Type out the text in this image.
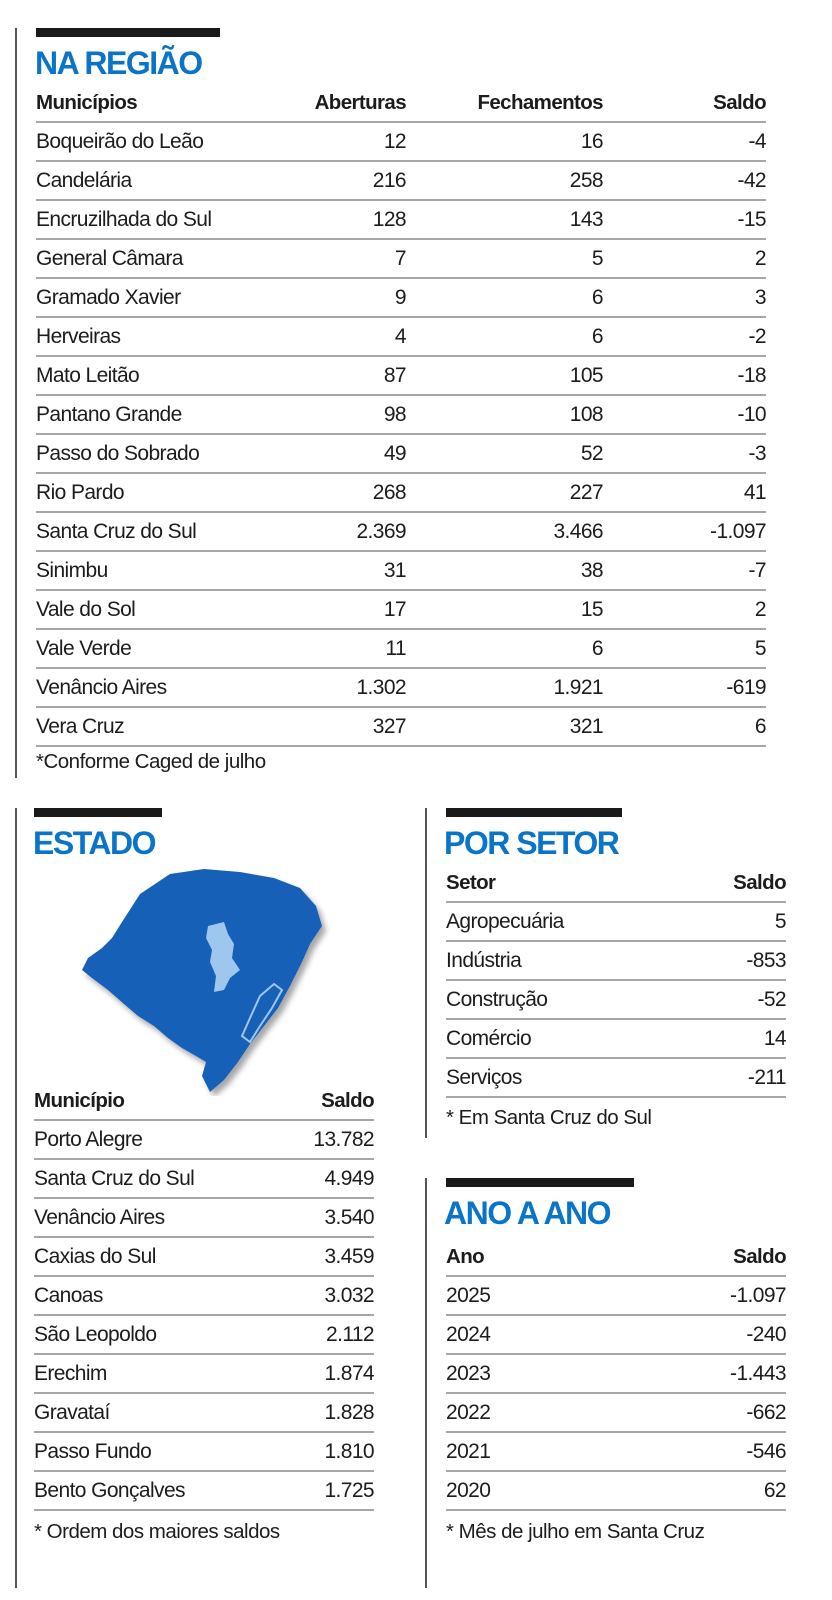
NA REGIÃO
Municípios	Aberturas	Fechamentos	Saldo
Boqueirão do Leão	12	16	-4
Candelária	216	258	-42
Encruzilhada do Sul	128	143	-15
General Câmara	7	5	2
Gramado Xavier	9	6	3
Herveiras	4	6	-2
Mato Leitão	87	105	-18
Pantano Grande	98	108	-10
Passo do Sobrado	49	52	-3
Rio Pardo	268	227	41
Santa Cruz do Sul	2.369	3.466	-1.097
Sinimbu	31	38	-7
Vale do Sol	17	15	2
Vale Verde	11	6	5
Venâncio Aires	1.302	1.921	-619
Vera Cruz	327	321	6
*Conforme Caged de julho
ESTADO
Município	Saldo
Porto Alegre	13.782
Santa Cruz do Sul	4.949
Venâncio Aires	3.540
Caxias do Sul	3.459
Canoas	3.032
São Leopoldo	2.112
Erechim	1.874
Gravataí	1.828
Passo Fundo	1.810
Bento Gonçalves	1.725
* Ordem dos maiores saldos
POR SETOR
Setor	Saldo
Agropecuária	5
Indústria	-853
Construção	-52
Comércio	14
Serviços	-211
* Em Santa Cruz do Sul
ANO A ANO
Ano	Saldo
2025	-1.097
2024	-240
2023	-1.443
2022	-662
2021	-546
2020	62
* Mês de julho em Santa Cruz
